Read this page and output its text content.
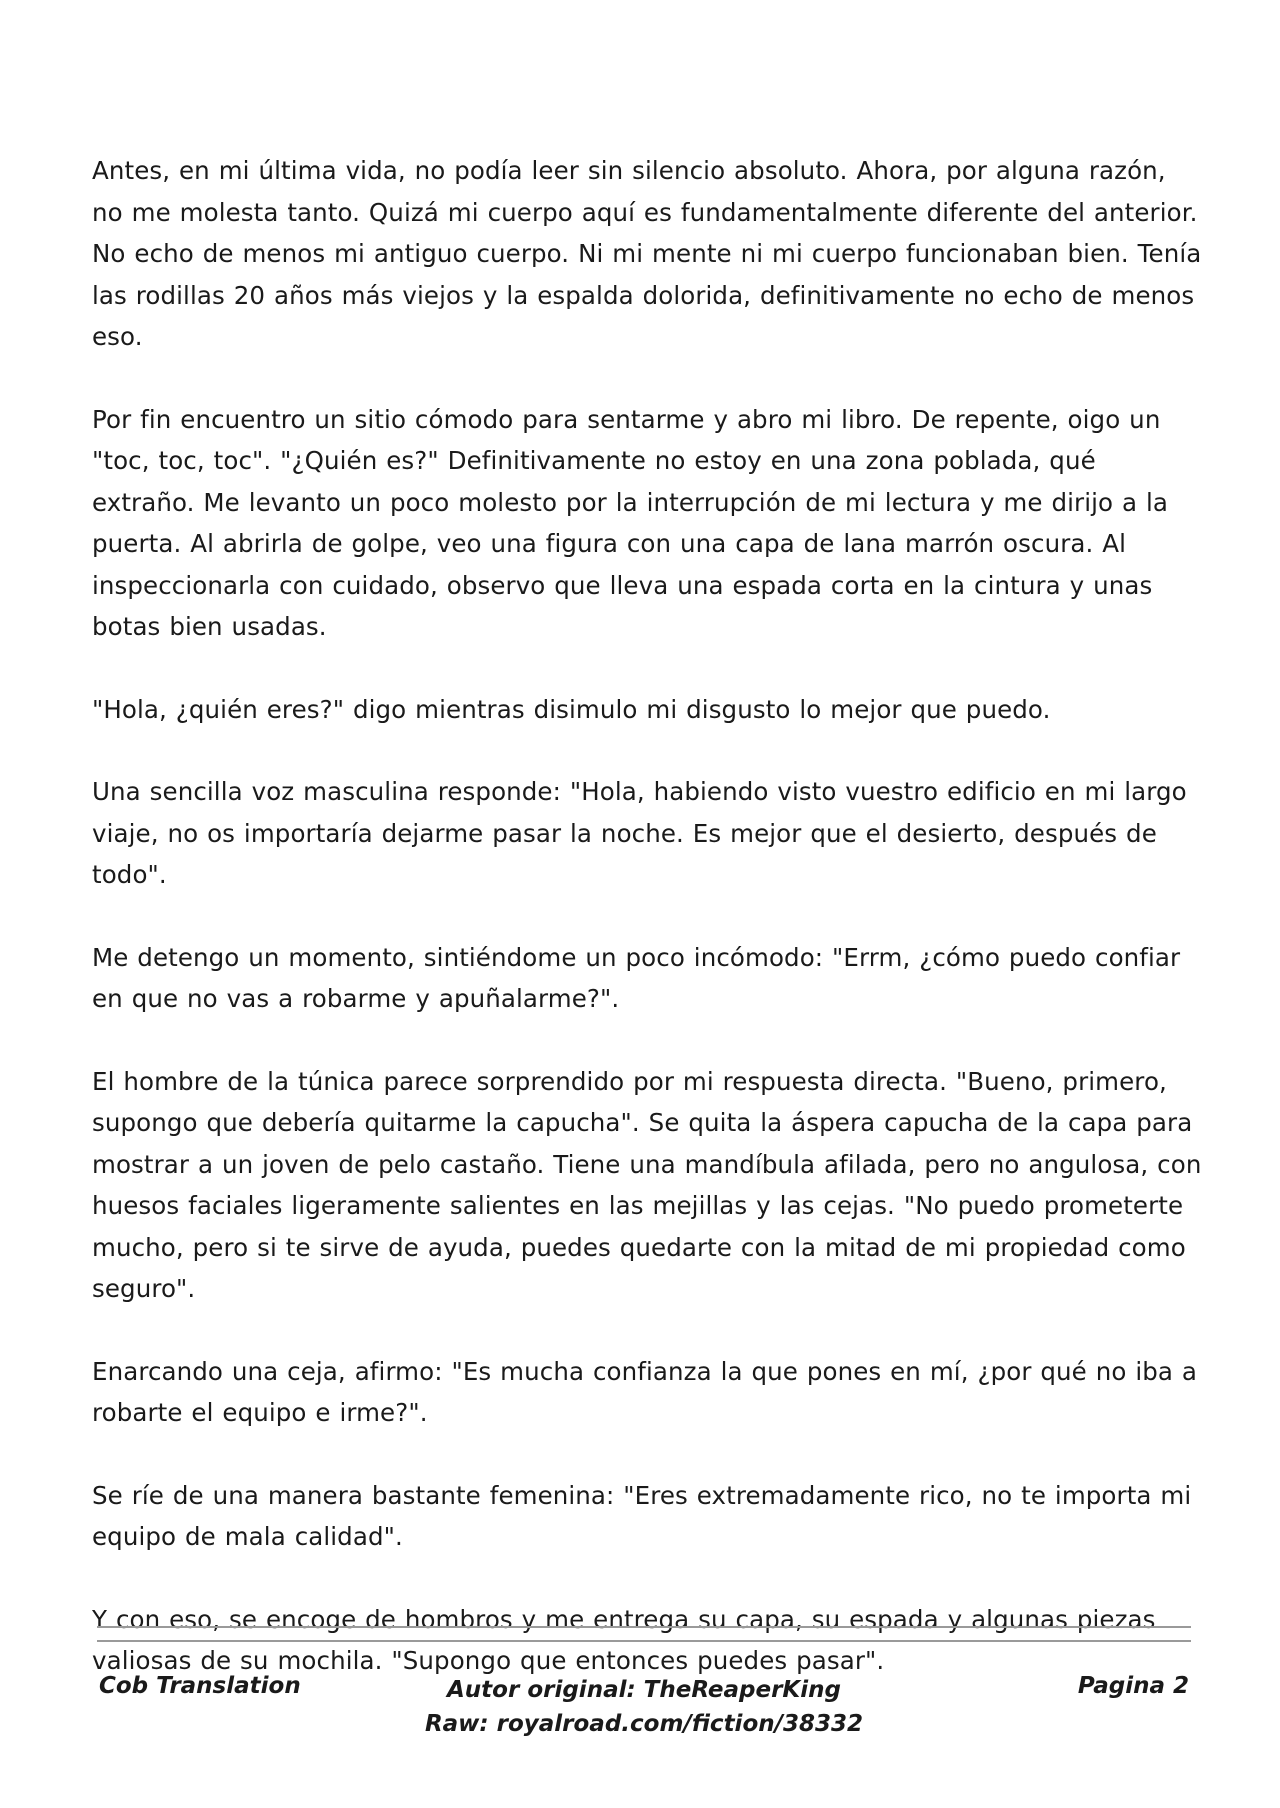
Antes, en mi última vida, no podía leer sin silencio absoluto. Ahora, por alguna razón, no me molesta tanto. Quizá mi cuerpo aquí es fundamentalmente diferente del anterior. No echo de menos mi antiguo cuerpo. Ni mi mente ni mi cuerpo funcionaban bien. Tenía las rodillas 20 años más viejos y la espalda dolorida, definitivamente no echo de menos eso.

Por fin encuentro un sitio cómodo para sentarme y abro mi libro. De repente, oigo un "toc, toc, toc". "¿Quién es?" Definitivamente no estoy en una zona poblada, qué extraño. Me levanto un poco molesto por la interrupción de mi lectura y me dirijo a la puerta. Al abrirla de golpe, veo una figura con una capa de lana marrón oscura. Al inspeccionarla con cuidado, observo que lleva una espada corta en la cintura y unas botas bien usadas.

"Hola, ¿quién eres?" digo mientras disimulo mi disgusto lo mejor que puedo.

Una sencilla voz masculina responde: "Hola, habiendo visto vuestro edificio en mi largo viaje, no os importaría dejarme pasar la noche. Es mejor que el desierto, después de todo".

Me detengo un momento, sintiéndome un poco incómodo: "Errm, ¿cómo puedo confiar en que no vas a robarme y apuñalarme?".

El hombre de la túnica parece sorprendido por mi respuesta directa. "Bueno, primero, supongo que debería quitarme la capucha". Se quita la áspera capucha de la capa para mostrar a un joven de pelo castaño. Tiene una mandíbula afilada, pero no angulosa, con huesos faciales ligeramente salientes en las mejillas y las cejas. "No puedo prometerte mucho, pero si te sirve de ayuda, puedes quedarte con la mitad de mi propiedad como seguro".

Enarcando una ceja, afirmo: "Es mucha confianza la que pones en mí, ¿por qué no iba a robarte el equipo e irme?".

Se ríe de una manera bastante femenina: "Eres extremadamente rico, no te importa mi equipo de mala calidad".

Y con eso, se encoge de hombros y me entrega su capa, su espada y algunas piezas valiosas de su mochila. "Supongo que entonces puedes pasar".

Cob Translation	Autor original: TheReaperKing
Raw: royalroad.com/fiction/38332
Pagina 2
